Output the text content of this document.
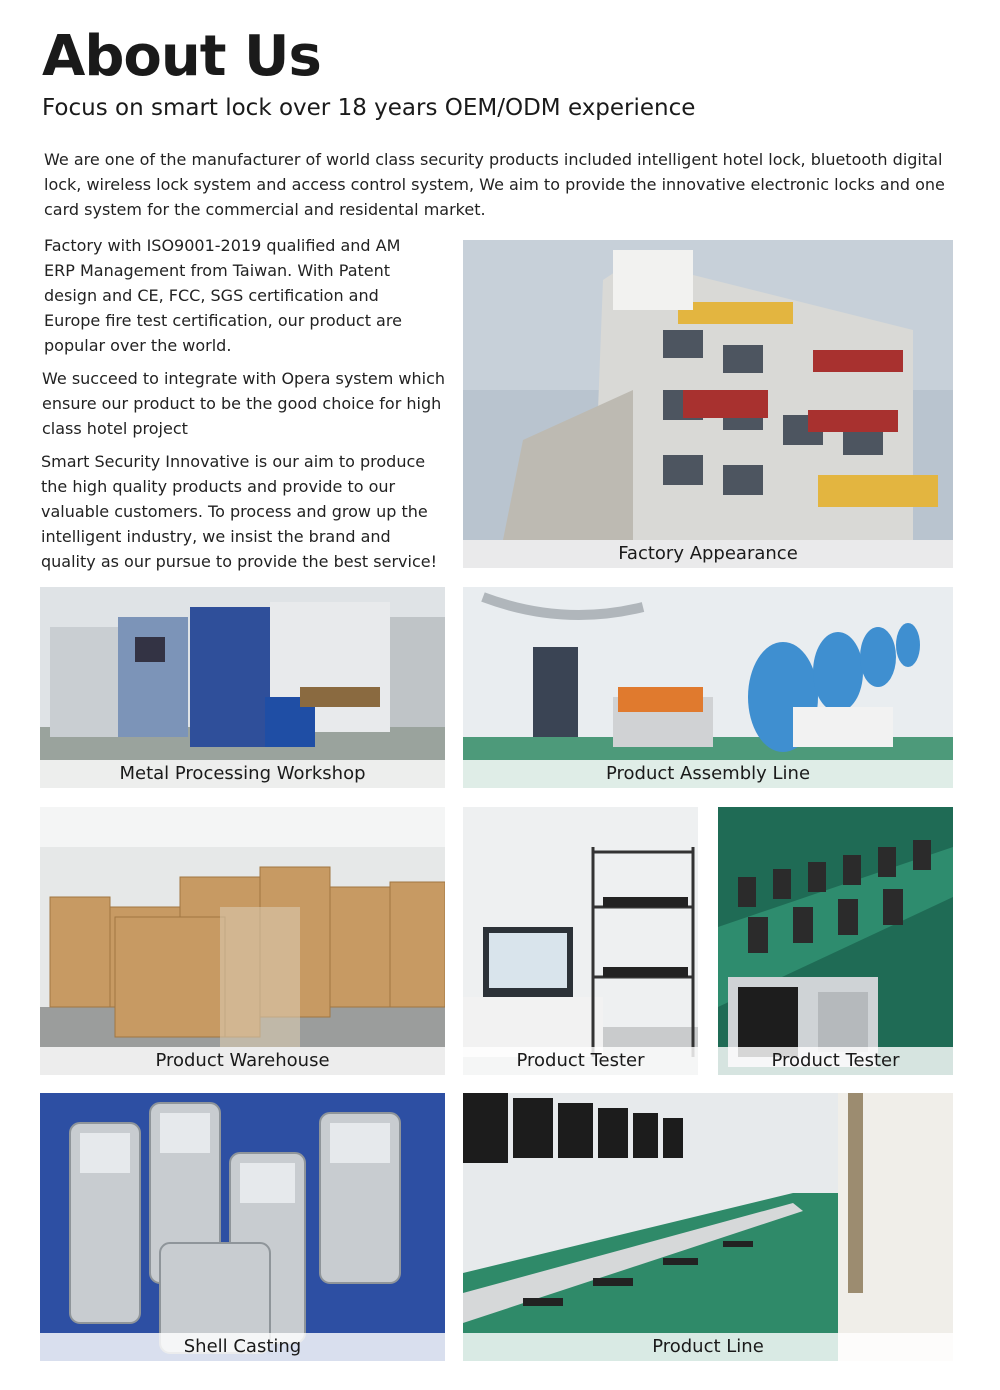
About Us
Focus on smart lock over 18 years OEM/ODM experience

We are one of the manufacturer of world class security products included intelligent hotel lock, bluetooth digital lock, wireless lock system and access control system, We aim to provide the innovative electronic locks and one card system for the commercial and residental market.

Factory with ISO9001-2019 qualified and AM ERP Management from Taiwan. With Patent design and CE, FCC, SGS certification and Europe fire test certification, our product are popular over the world.

We succeed to integrate with Opera system which ensure our product to be the good choice for high class hotel project

Smart Security Innovative is our aim to produce the high quality products and provide to our valuable customers. To process and grow up the intelligent industry, we insist the brand and quality as our pursue to provide the best service!	Factory Appearance
Metal Processing Workshop	Product Assembly Line
Product Warehouse	Product Tester	Product Tester
Shell Casting	Product Line
